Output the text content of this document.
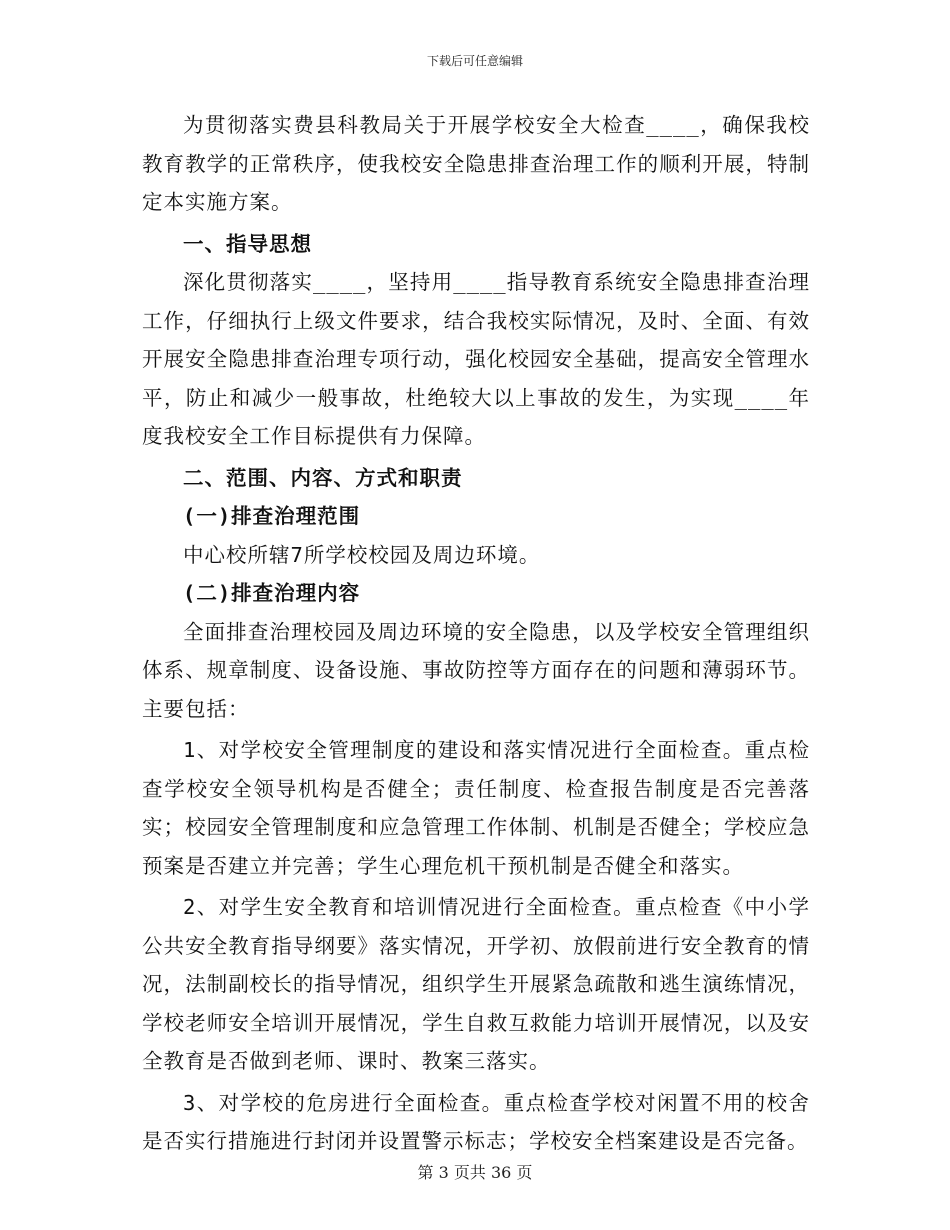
下载后可任意编辑

为贯彻落实费县科教局关于开展学校安全大检查____，确保我校教育教学的正常秩序，使我校安全隐患排查治理工作的顺利开展，特制定本实施方案。

一、指导思想

深化贯彻落实____，坚持用____指导教育系统安全隐患排查治理工作，仔细执行上级文件要求，结合我校实际情况，及时、全面、有效开展安全隐患排查治理专项行动，强化校园安全基础，提高安全管理水平，防止和减少一般事故，杜绝较大以上事故的发生，为实现____年度我校安全工作目标提供有力保障。

二、范围、内容、方式和职责

(一)排查治理范围

中心校所辖7所学校校园及周边环境。

(二)排查治理内容

全面排查治理校园及周边环境的安全隐患，以及学校安全管理组织体系、规章制度、设备设施、事故防控等方面存在的问题和薄弱环节。主要包括：

1、对学校安全管理制度的建设和落实情况进行全面检查。重点检查学校安全领导机构是否健全；责任制度、检查报告制度是否完善落实；校园安全管理制度和应急管理工作体制、机制是否健全；学校应急预案是否建立并完善；学生心理危机干预机制是否健全和落实。

2、对学生安全教育和培训情况进行全面检查。重点检查《中小学公共安全教育指导纲要》落实情况，开学初、放假前进行安全教育的情况，法制副校长的指导情况，组织学生开展紧急疏散和逃生演练情况，学校老师安全培训开展情况，学生自救互救能力培训开展情况，以及安全教育是否做到老师、课时、教案三落实。

3、对学校的危房进行全面检查。重点检查学校对闲置不用的校舍是否实行措施进行封闭并设置警示标志；学校安全档案建设是否完备。

第 3 页共 36 页
